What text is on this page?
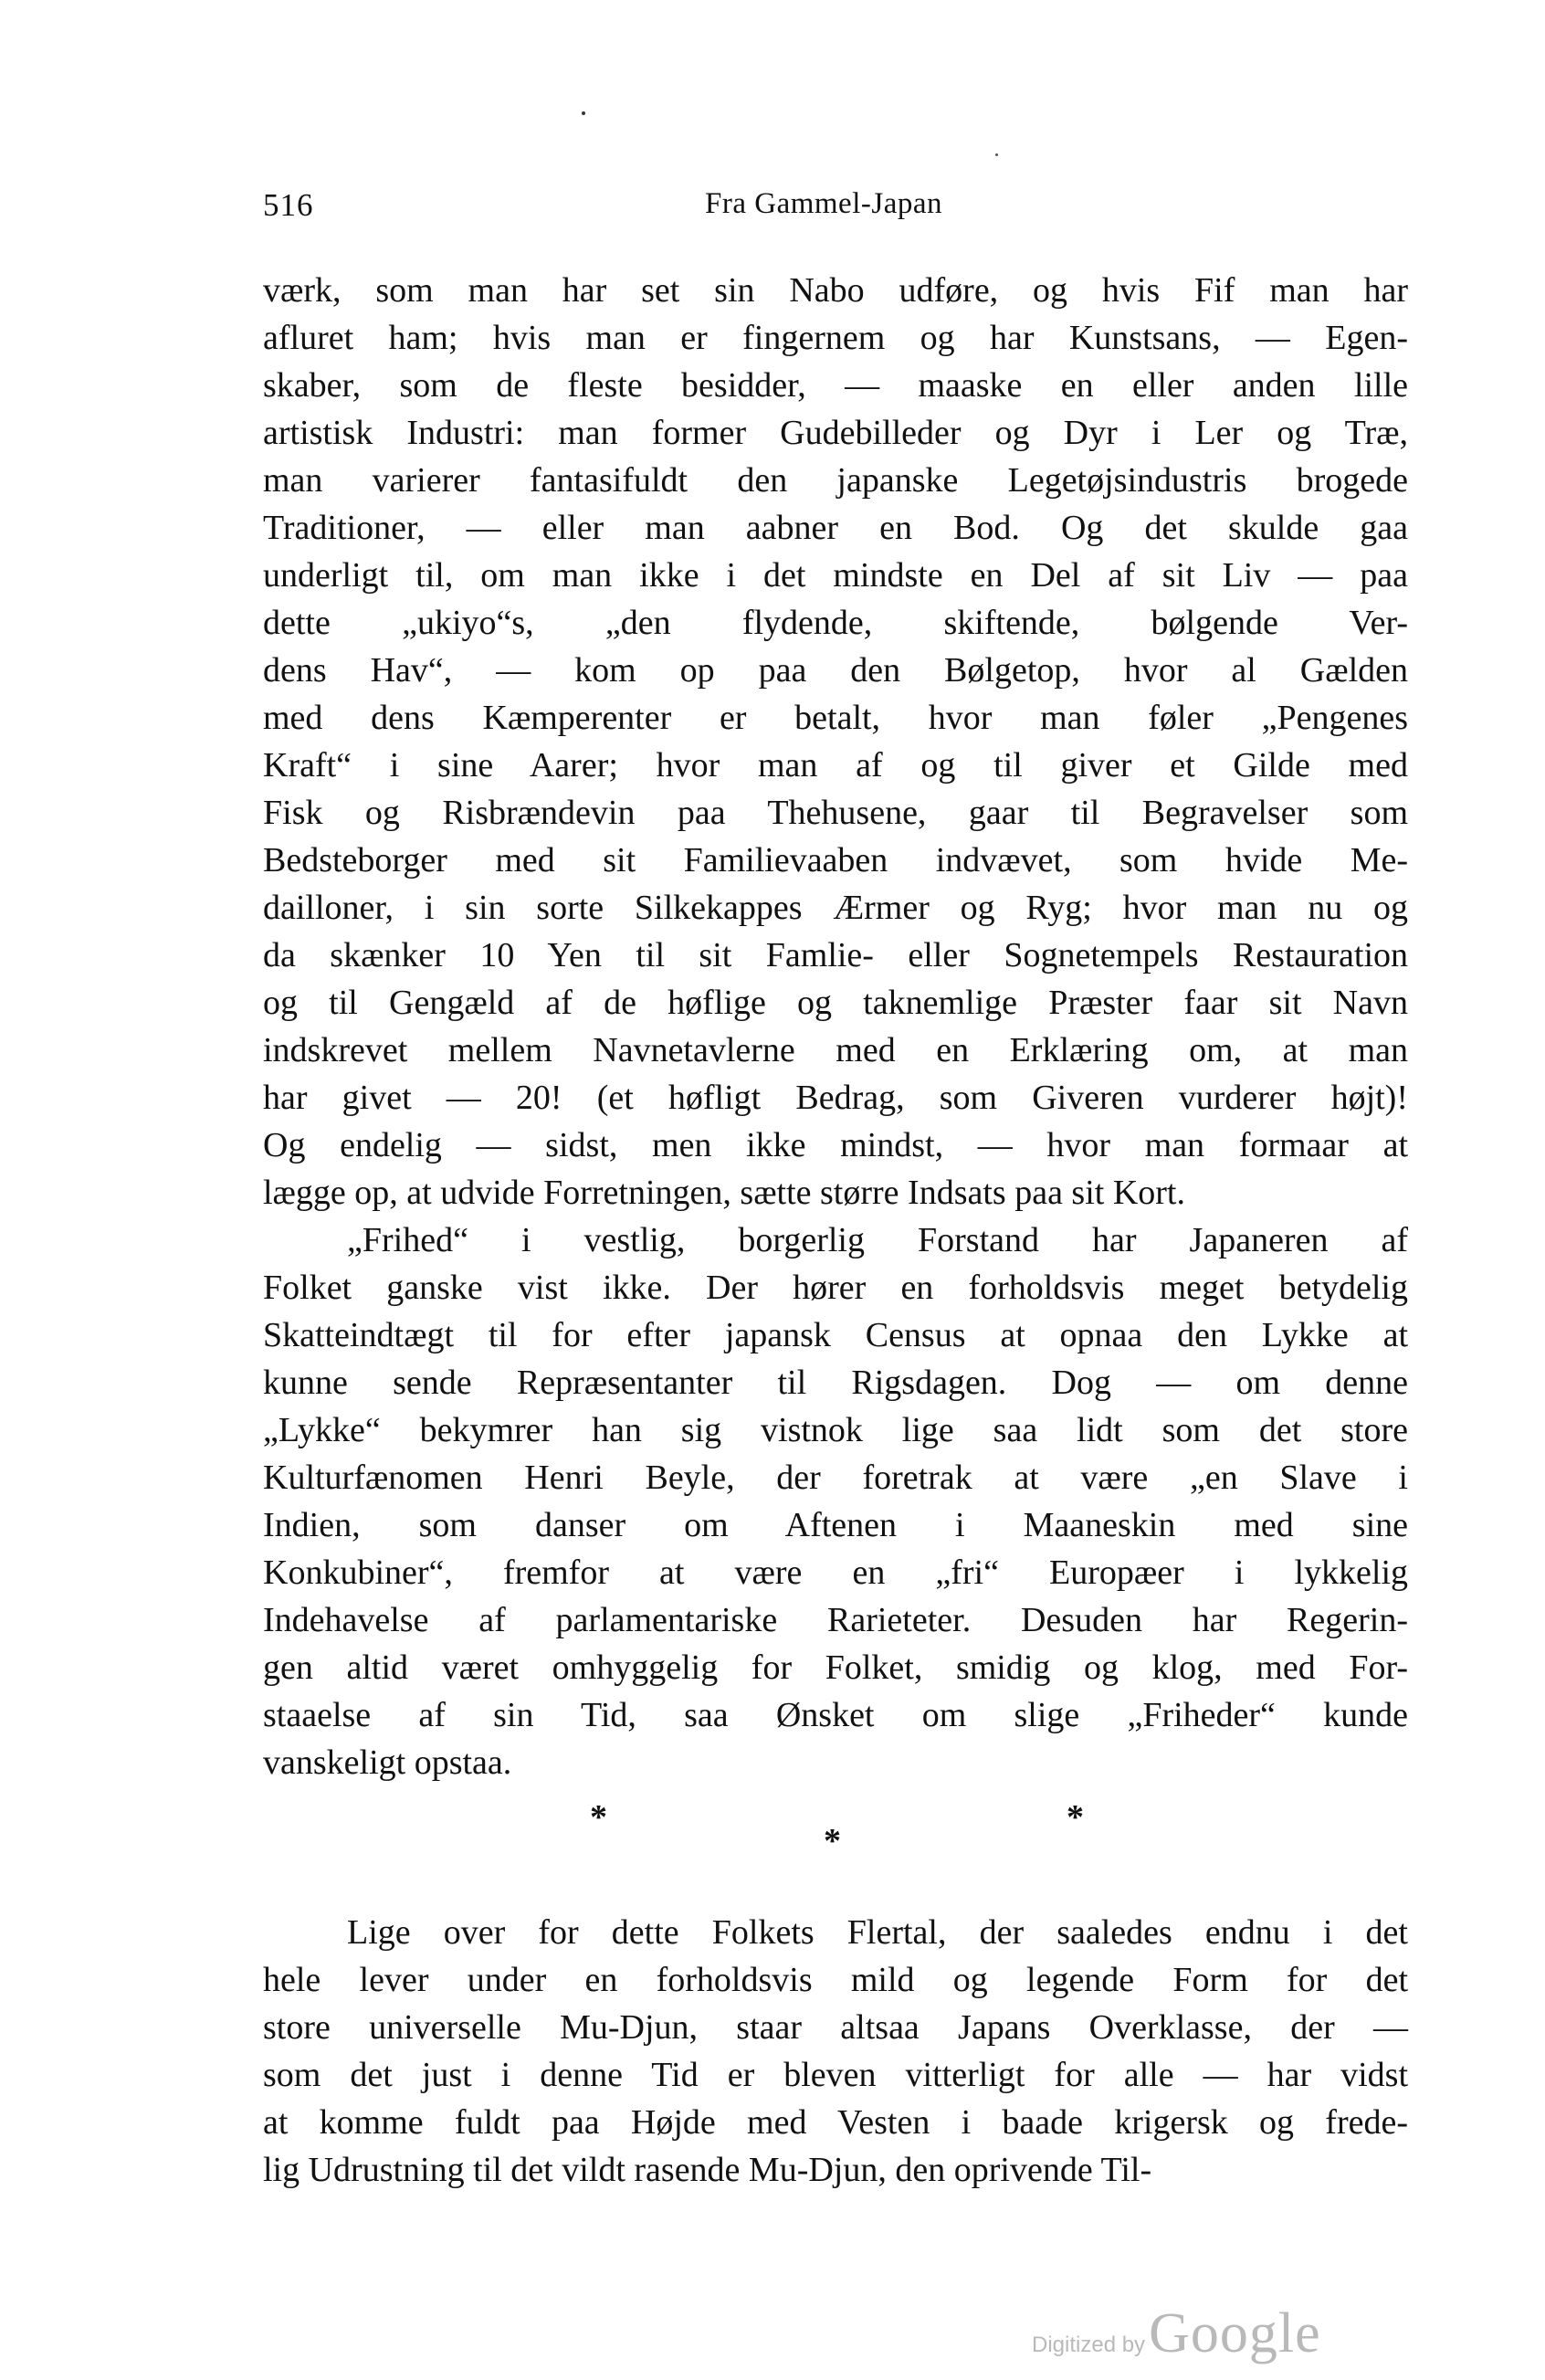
516	Fra Gammel-Japan
værk, som man har set sin Nabo udføre, og hvis Fif man har
afluret ham; hvis man er fingernem og har Kunstsans, — Egen-
skaber, som de fleste besidder, — maaske en eller anden lille
artistisk Industri: man former Gudebilleder og Dyr i Ler og Træ,
man varierer fantasifuldt den japanske Legetøjsindustris brogede
Traditioner, — eller man aabner en Bod. Og det skulde gaa
underligt til, om man ikke i det mindste en Del af sit Liv — paa
dette „ukiyo“s, „den flydende, skiftende, bølgende Ver-
dens Hav“, — kom op paa den Bølgetop, hvor al Gælden
med dens Kæmperenter er betalt, hvor man føler „Pengenes
Kraft“ i sine Aarer; hvor man af og til giver et Gilde med
Fisk og Risbrændevin paa Thehusene, gaar til Begravelser som
Bedsteborger med sit Familievaaben indvævet, som hvide Me-
dailloner, i sin sorte Silkekappes Ærmer og Ryg; hvor man nu og
da skænker 10 Yen til sit Famlie- eller Sognetempels Restauration
og til Gengæld af de høflige og taknemlige Præster faar sit Navn
indskrevet mellem Navnetavlerne med en Erklæring om, at man
har givet — 20! (et høfligt Bedrag, som Giveren vurderer højt)!
Og endelig — sidst, men ikke mindst, — hvor man formaar at
lægge op, at udvide Forretningen, sætte større Indsats paa sit Kort.
„Frihed“ i vestlig, borgerlig Forstand har Japaneren af
Folket ganske vist ikke. Der hører en forholdsvis meget betydelig
Skatteindtægt til for efter japansk Census at opnaa den Lykke at
kunne sende Repræsentanter til Rigsdagen. Dog — om denne
„Lykke“ bekymrer han sig vistnok lige saa lidt som det store
Kulturfænomen Henri Beyle, der foretrak at være „en Slave i
Indien, som danser om Aftenen i Maaneskin med sine
Konkubiner“, fremfor at være en „fri“ Europæer i lykkelig
Indehavelse af parlamentariske Rarieteter. Desuden har Regerin-
gen altid været omhyggelig for Folket, smidig og klog, med For-
staaelse af sin Tid, saa Ønsket om slige „Friheder“ kunde
vanskeligt opstaa.
*
*
*
Lige over for dette Folkets Flertal, der saaledes endnu i det
hele lever under en forholdsvis mild og legende Form for det
store universelle Mu-Djun, staar altsaa Japans Overklasse, der —
som det just i denne Tid er bleven vitterligt for alle — har vidst
at komme fuldt paa Højde med Vesten i baade krigersk og frede-
lig Udrustning til det vildt rasende Mu-Djun, den oprivende Til-
Digitized by Google
